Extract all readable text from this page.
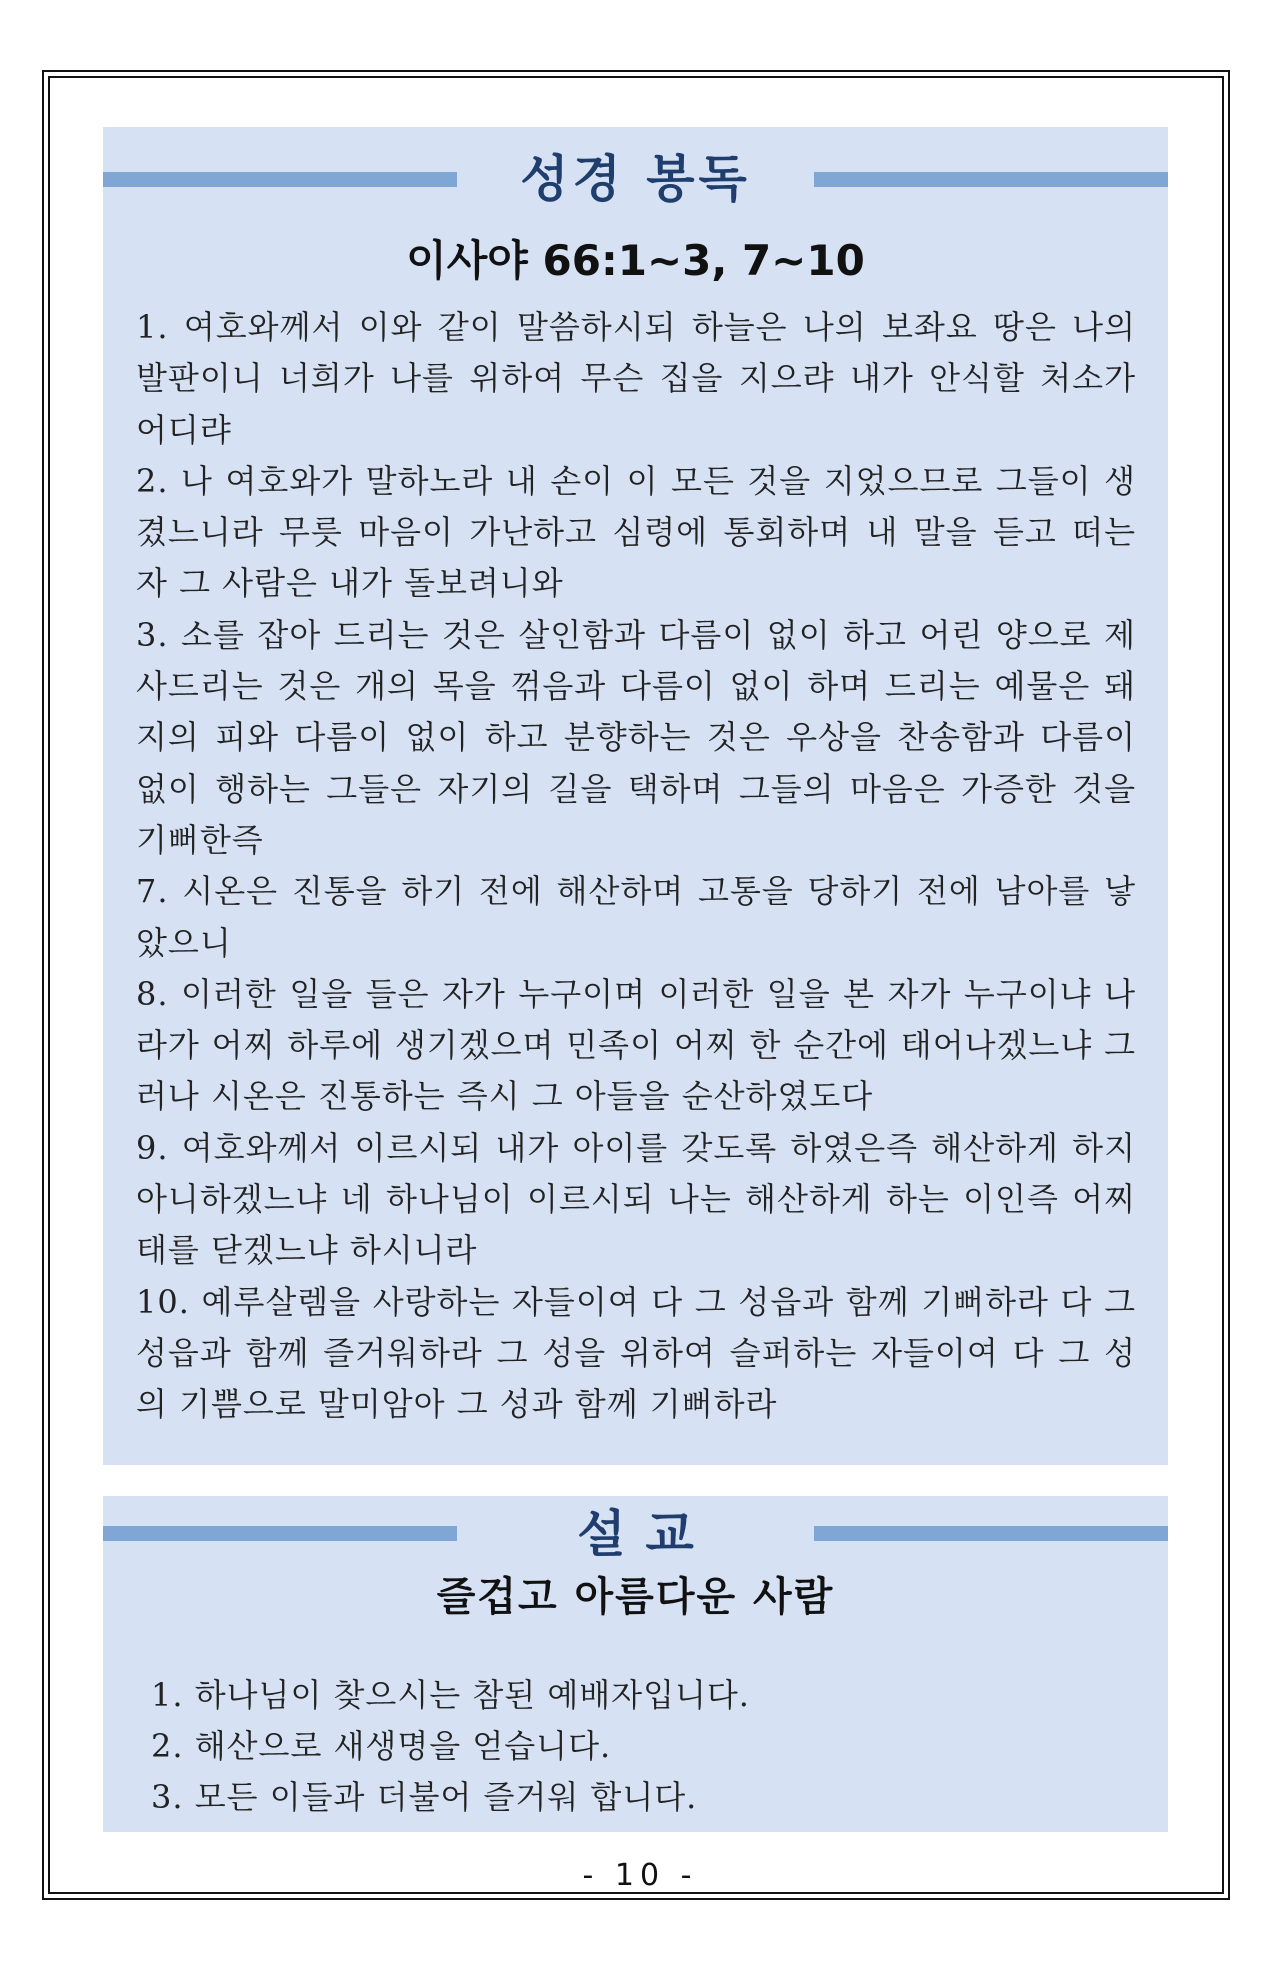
성경 봉독
이사야 66:1~3, 7~10

1. 여호와께서 이와 같이 말씀하시되 하늘은 나의 보좌요 땅은 나의 발판이니 너희가 나를 위하여 무슨 집을 지으랴 내가 안식할 처소가 어디랴

2. 나 여호와가 말하노라 내 손이 이 모든 것을 지었으므로 그들이 생겼느니라 무릇 마음이 가난하고 심령에 통회하며 내 말을 듣고 떠는 자 그 사람은 내가 돌보려니와

3. 소를 잡아 드리는 것은 살인함과 다름이 없이 하고 어린 양으로 제사드리는 것은 개의 목을 꺾음과 다름이 없이 하며 드리는 예물은 돼지의 피와 다름이 없이 하고 분향하는 것은 우상을 찬송함과 다름이 없이 행하는 그들은 자기의 길을 택하며 그들의 마음은 가증한 것을 기뻐한즉

7. 시온은 진통을 하기 전에 해산하며 고통을 당하기 전에 남아를 낳았으니

8. 이러한 일을 들은 자가 누구이며 이러한 일을 본 자가 누구이냐 나라가 어찌 하루에 생기겠으며 민족이 어찌 한 순간에 태어나겠느냐 그러나 시온은 진통하는 즉시 그 아들을 순산하였도다

9. 여호와께서 이르시되 내가 아이를 갖도록 하였은즉 해산하게 하지 아니하겠느냐 네 하나님이 이르시되 나는 해산하게 하는 이인즉 어찌 태를 닫겠느냐 하시니라

10. 예루살렘을 사랑하는 자들이여 다 그 성읍과 함께 기뻐하라 다 그 성읍과 함께 즐거워하라 그 성을 위하여 슬퍼하는 자들이여 다 그 성의 기쁨으로 말미암아 그 성과 함께 기뻐하라

설교
즐겁고 아름다운 사람

1. 하나님이 찾으시는 참된 예배자입니다.

2. 해산으로 새생명을 얻습니다.

3. 모든 이들과 더불어 즐거워 합니다.

- 10 -
